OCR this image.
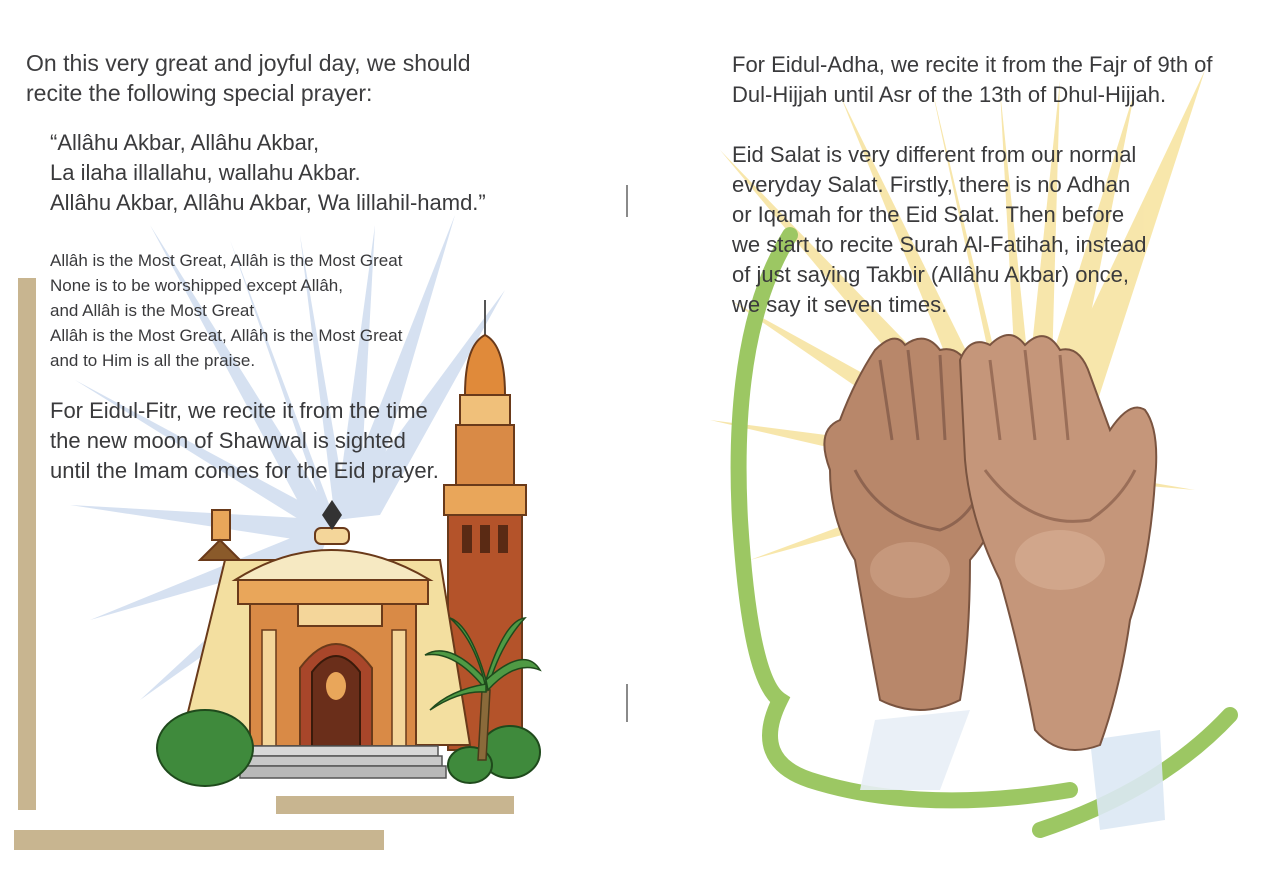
On this very great and joyful day, we should
recite the following special prayer:
“Allâhu Akbar, Allâhu Akbar,
La ilaha illallahu, wallahu Akbar.
Allâhu Akbar, Allâhu Akbar, Wa lillahil-hamd.”
Allâh is the Most Great, Allâh is the Most Great
None is to be worshipped except Allâh,
and Allâh is the Most Great
Allâh is the Most Great, Allâh is the Most Great
and to Him is all the praise.
For Eidul-Fitr, we recite it from the time
the new moon of Shawwal is sighted
until the Imam comes for the Eid prayer.
For Eidul-Adha, we recite it from the Fajr of 9th of
Dul-Hijjah until Asr of the 13th of Dhul-Hijjah.
Eid Salat is very different from our normal
everyday Salat. Firstly, there is no Adhan
or Iqamah for the Eid Salat. Then before
we start to recite Surah Al-Fatihah, instead
of just saying Takbir (Allâhu Akbar) once,
we say it seven times.
